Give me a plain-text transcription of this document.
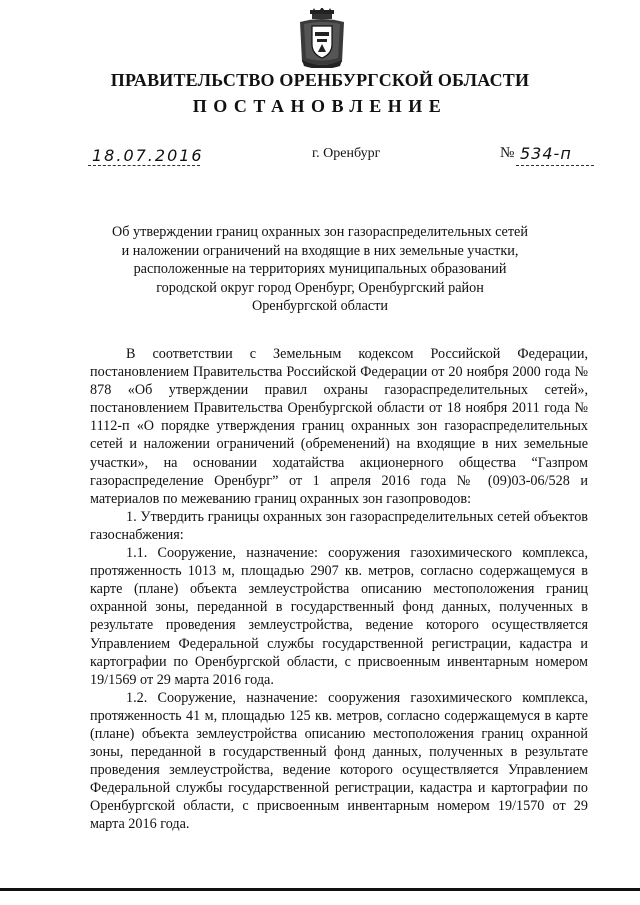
ПРАВИТЕЛЬСТВО ОРЕНБУРГСКОЙ ОБЛАСТИ
ПОСТАНОВЛЕНИЕ
18.07.2016	г. Оренбург	№ 534-п
Об утверждении границ охранных зон газораспределительных сетей
и наложении ограничений на входящие в них земельные участки,
расположенные на территориях муниципальных образований
городской округ город Оренбург, Оренбургский район
Оренбургской области

В соответствии с Земельным кодексом Российской Федерации, постановлением Правительства Российской Федерации от 20 ноября 2000 года № 878 «Об утверждении правил охраны газораспределительных сетей», постановлением Правительства Оренбургской области от 18 ноября 2011 года № 1112-п «О порядке утверждения границ охранных зон газораспределительных сетей и наложении ограничений (обременений) на входящие в них земельные участки», на основании ходатайства акционерного общества “Газпром газораспределение Оренбург” от 1 апреля 2016 года № (09)03-06/528 и материалов по межеванию границ охранных зон газопроводов:

1. Утвердить границы охранных зон газораспределительных сетей объектов газоснабжения:

1.1. Сооружение, назначение: сооружения газохимического комплекса, протяженность 1013 м, площадью 2907 кв. метров, согласно содержащемуся в карте (плане) объекта землеустройства описанию местоположения границ охранной зоны, переданной в государственный фонд данных, полученных в результате проведения землеустройства, ведение которого осуществляется Управлением Федеральной службы государственной регистрации, кадастра и картографии по Оренбургской области, с присвоенным инвентарным номером 19/1569 от 29 марта 2016 года.

1.2. Сооружение, назначение: сооружения газохимического комплекса, протяженность 41 м, площадью 125 кв. метров, согласно содержащемуся в карте (плане) объекта землеустройства описанию местоположения границ охранной зоны, переданной в государственный фонд данных, полученных в результате проведения землеустройства, ведение которого осуществляется Управлением Федеральной службы государственной регистрации, кадастра и картографии по Оренбургской области, с присвоенным инвентарным номером 19/1570 от 29 марта 2016 года.
